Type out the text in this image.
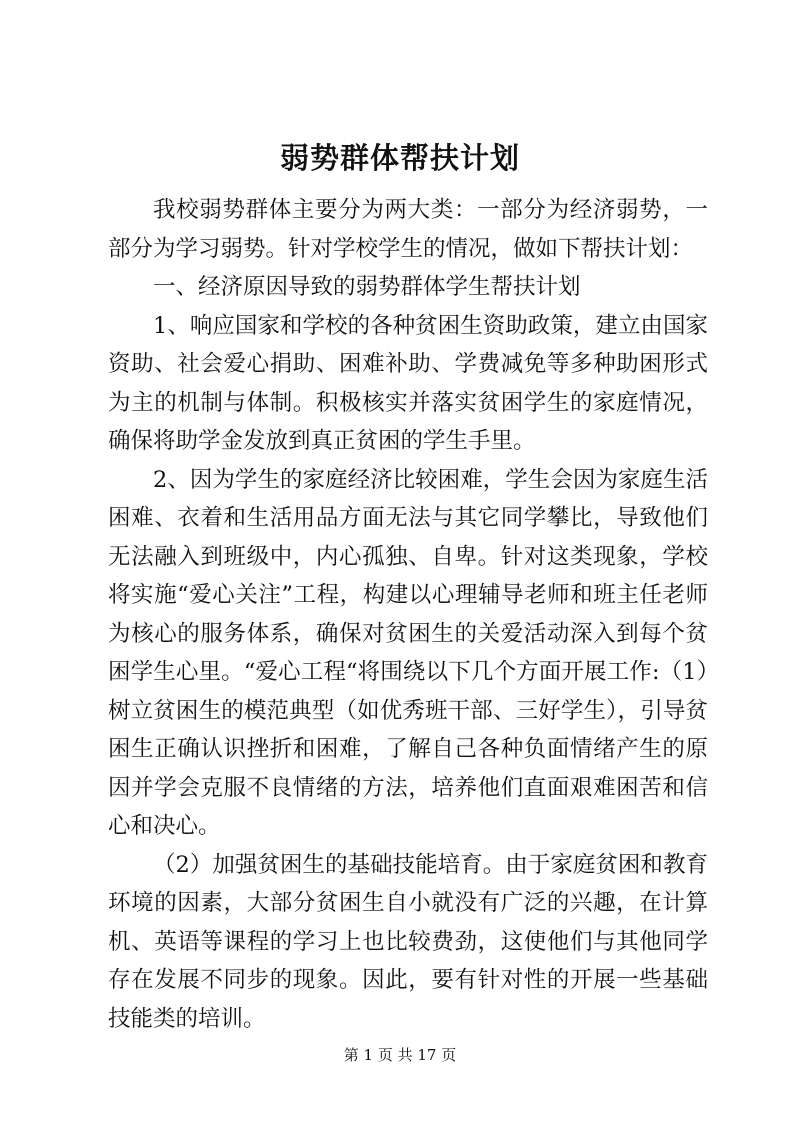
弱势群体帮扶计划

我校弱势群体主要分为两大类：一部分为经济弱势，一部分为学习弱势。针对学校学生的情况，做如下帮扶计划：

一、经济原因导致的弱势群体学生帮扶计划

1、响应国家和学校的各种贫困生资助政策，建立由国家资助、社会爱心捐助、困难补助、学费减免等多种助困形式为主的机制与体制。积极核实并落实贫困学生的家庭情况，确保将助学金发放到真正贫困的学生手里。

2、因为学生的家庭经济比较困难，学生会因为家庭生活困难、衣着和生活用品方面无法与其它同学攀比，导致他们无法融入到班级中，内心孤独、自卑。针对这类现象，学校将实施“爱心关注”工程，构建以心理辅导老师和班主任老师为核心的服务体系，确保对贫困生的关爱活动深入到每个贫困学生心里。“爱心工程“将围绕以下几个方面开展工作:（1）树立贫困生的模范典型（如优秀班干部、三好学生），引导贫困生正确认识挫折和困难，了解自己各种负面情绪产生的原因并学会克服不良情绪的方法，培养他们直面艰难困苦和信心和决心。

（2）加强贫困生的基础技能培育。由于家庭贫困和教育环境的因素，大部分贫困生自小就没有广泛的兴趣，在计算机、英语等课程的学习上也比较费劲，这使他们与其他同学存在发展不同步的现象。因此，要有针对性的开展一些基础技能类的培训。

第 1 页 共 17 页
